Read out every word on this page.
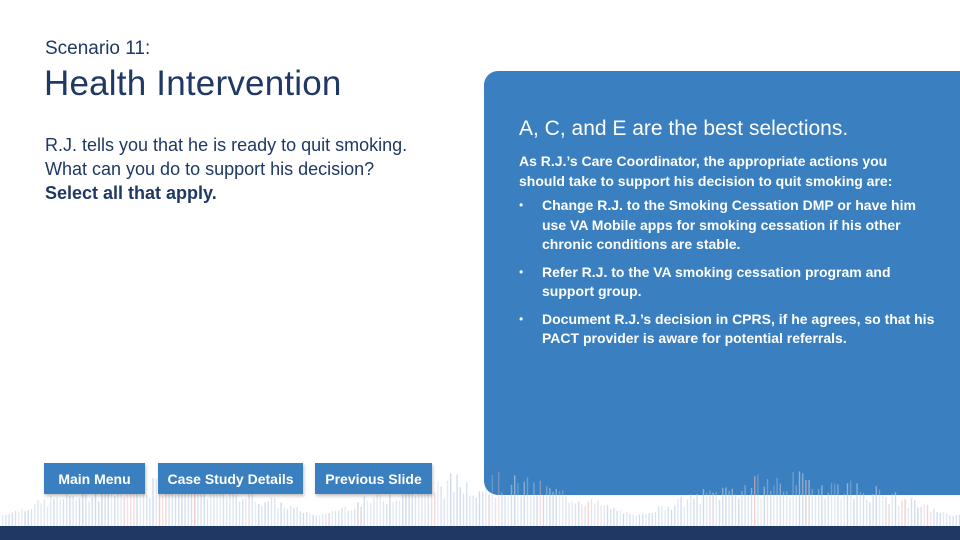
Scenario 11:
Health Intervention
R.J. tells you that he is ready to quit smoking. What can you do to support his decision?
Select all that apply.
A, C, and E are the best selections.
As R.J.’s Care Coordinator, the appropriate actions you should take to support his decision to quit smoking are:
• Change R.J. to the Smoking Cessation DMP or have him use VA Mobile apps for smoking cessation if his other chronic conditions are stable.
• Refer R.J. to the VA smoking cessation program and support group.
• Document R.J.’s decision in CPRS, if he agrees, so that his PACT provider is aware for potential referrals.
Main Menu	Case Study Details	Previous Slide
